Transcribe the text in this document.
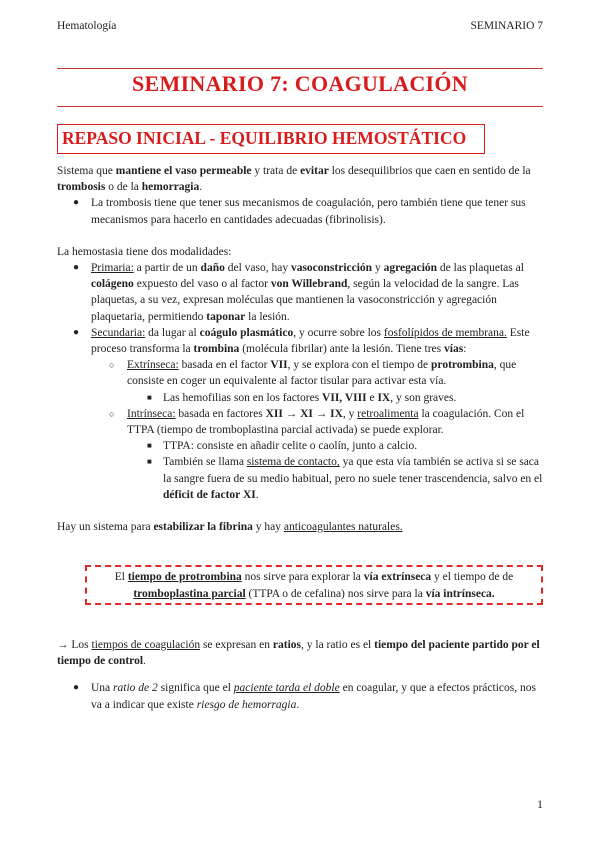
Hematología	SEMINARIO 7
SEMINARIO 7: COAGULACIÓN
REPASO INICIAL - EQUILIBRIO HEMOSTÁTICO

Sistema que mantiene el vaso permeable y trata de evitar los desequilibrios que caen en sentido de la trombosis o de la hemorragia.

● La trombosis tiene que tener sus mecanismos de coagulación, pero también tiene que tener sus mecanismos para hacerlo en cantidades adecuadas (fibrinolisis).

La hemostasia tiene dos modalidades:

● Primaria: a partir de un daño del vaso, hay vasoconstricción y agregación de las plaquetas al colágeno expuesto del vaso o al factor von Willebrand, según la velocidad de la sangre. Las plaquetas, a su vez, expresan moléculas que mantienen la vasoconstricción y agregación plaquetaria, permitiendo taponar la lesión.
● Secundaria: da lugar al coágulo plasmático, y ocurre sobre los fosfolípidos de membrana. Este proceso transforma la trombina (molécula fibrilar) ante la lesión. Tiene tres vías:
○ Extrínseca: basada en el factor VII, y se explora con el tiempo de protrombina, que consiste en coger un equivalente al factor tisular para activar esta vía.
■ Las hemofilias son en los factores VII, VIII e IX, y son graves.
○ Intrínseca: basada en factores XII → XI → IX, y retroalimenta la coagulación. Con el TTPA (tiempo de tromboplastina parcial activada) se puede explorar.
■ TTPA: consiste en añadir celite o caolín, junto a calcio.
■ También se llama sistema de contacto, ya que esta vía también se activa si se saca la sangre fuera de su medio habitual, pero no suele tener trascendencia, salvo en el déficit de factor XI.

Hay un sistema para estabilizar la fibrina y hay anticoagulantes naturales.

El tiempo de protrombina nos sirve para explorar la vía extrínseca y el tiempo de de tromboplastina parcial (TTPA o de cefalina) nos sirve para la vía intrínseca.

→ Los tiempos de coagulación se expresan en ratios, y la ratio es el tiempo del paciente partido por el tiempo de control.

● Una ratio de 2 significa que el paciente tarda el doble en coagular, y que a efectos prácticos, nos va a indicar que existe riesgo de hemorragia.
1
